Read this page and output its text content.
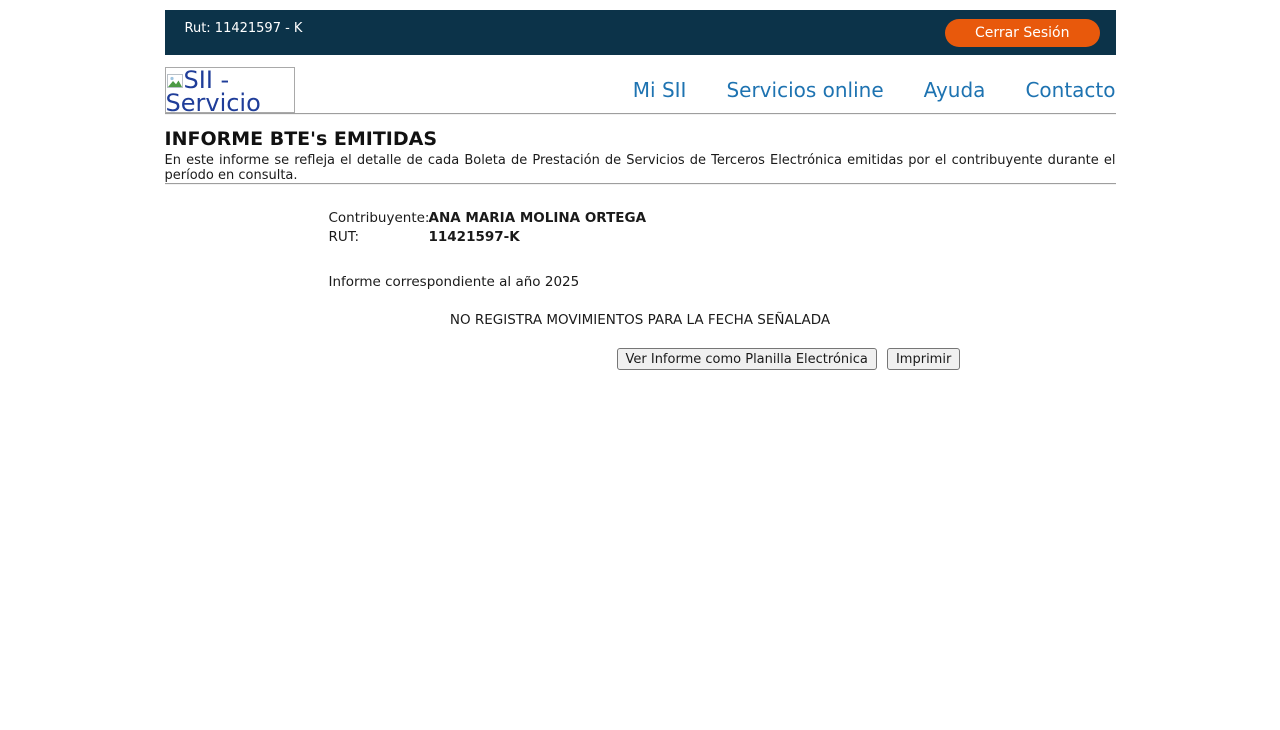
Rut: 11421597 - K	Cerrar Sesión
SII - Servicio	Mi SII Servicios online Ayuda Contacto
INFORME BTE's EMITIDAS

En este informe se refleja el detalle de cada Boleta de Prestación de Servicios de Terceros Electrónica emitidas por el contribuyente durante el período en consulta.

Contribuyente: ANA MARIA MOLINA ORTEGA
RUT:	11421597-K
Informe correspondiente al año 2025
NO REGISTRA MOVIMIENTOS PARA LA FECHA SEÑALADA
Ver Informe como Planilla Electrónica Imprimir
